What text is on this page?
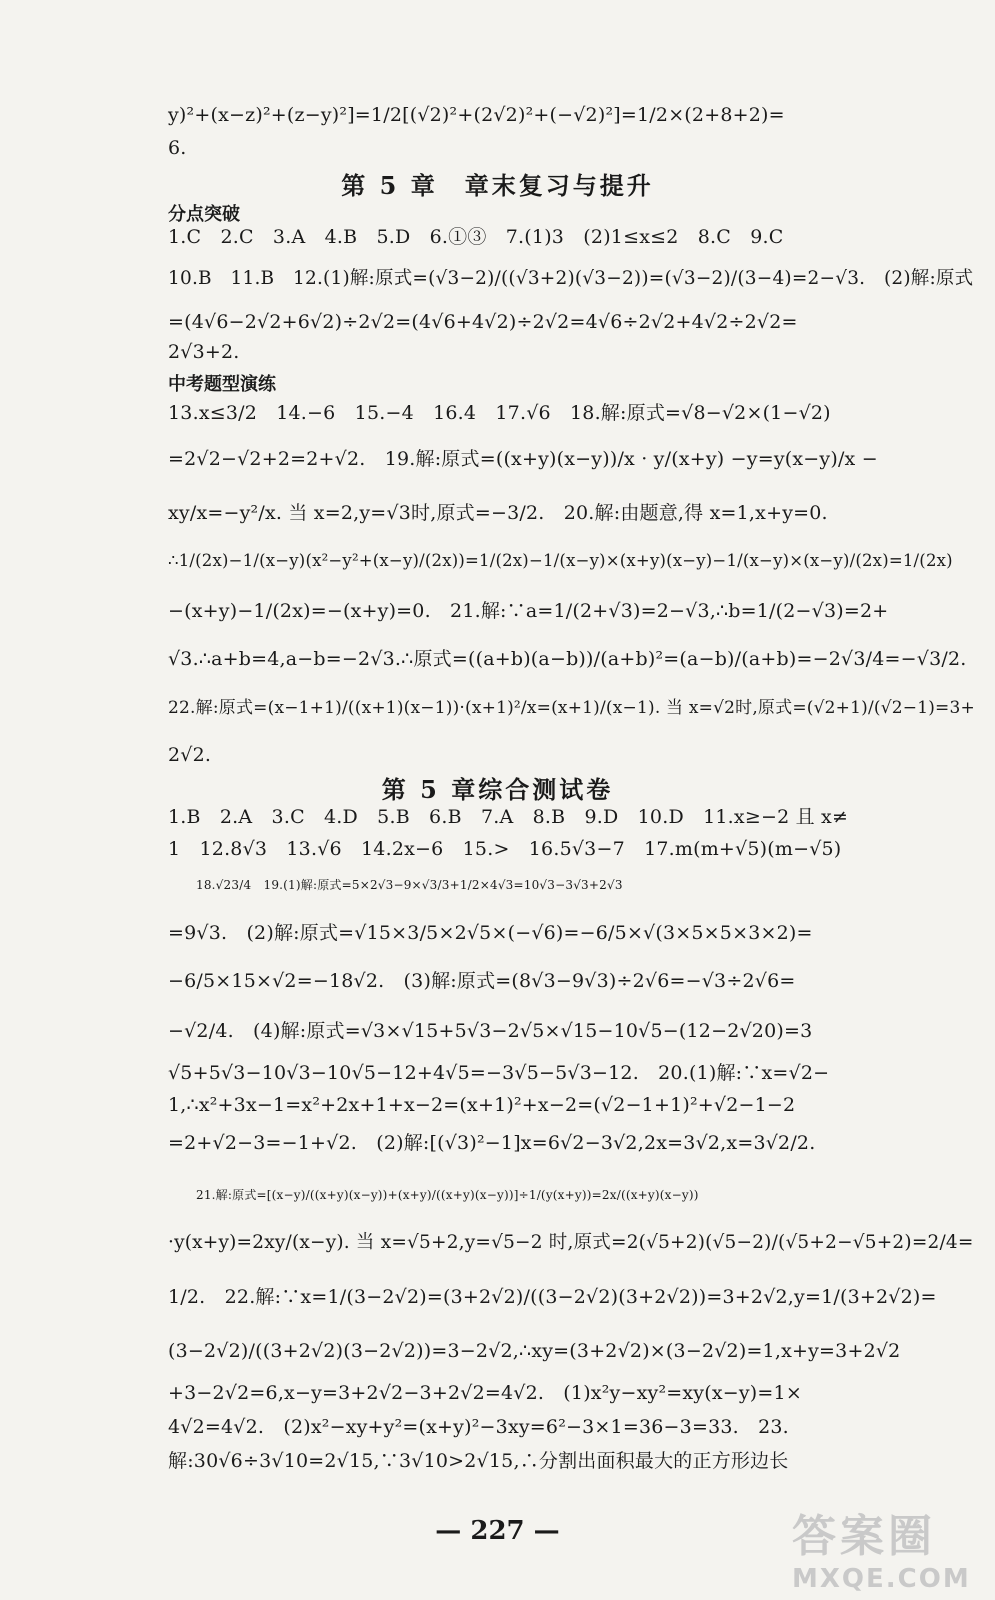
y)²+(x−z)²+(z−y)²]=1/2[(√2)²+(2√2)²+(−√2)²]=1/2×(2+8+2)=
6.
第 5 章　章末复习与提升
分点突破
1.C　2.C　3.A　4.B　5.D　6.①③　7.(1)3　(2)1≤x≤2　8.C　9.C
10.B　11.B　12.(1)解:原式=(√3−2)/((√3+2)(√3−2))=(√3−2)/(3−4)=2−√3.　(2)解:原式
=(4√6−2√2+6√2)÷2√2=(4√6+4√2)÷2√2=4√6÷2√2+4√2÷2√2=
2√3+2.
中考题型演练
13.x≤3/2　14.−6　15.−4　16.4　17.√6　18.解:原式=√8−√2×(1−√2)
=2√2−√2+2=2+√2.　19.解:原式=((x+y)(x−y))/x · y/(x+y) −y=y(x−y)/x −
xy/x=−y²/x. 当 x=2,y=√3时,原式=−3/2.　20.解:由题意,得 x=1,x+y=0.
∴1/(2x)−1/(x−y)(x²−y²+(x−y)/(2x))=1/(2x)−1/(x−y)×(x+y)(x−y)−1/(x−y)×(x−y)/(2x)=1/(2x)
−(x+y)−1/(2x)=−(x+y)=0.　21.解:∵a=1/(2+√3)=2−√3,∴b=1/(2−√3)=2+
√3.∴a+b=4,a−b=−2√3.∴原式=((a+b)(a−b))/(a+b)²=(a−b)/(a+b)=−2√3/4=−√3/2.
22.解:原式=(x−1+1)/((x+1)(x−1))·(x+1)²/x=(x+1)/(x−1). 当 x=√2时,原式=(√2+1)/(√2−1)=3+
2√2.
第 5 章综合测试卷
1.B　2.A　3.C　4.D　5.B　6.B　7.A　8.B　9.D　10.D　11.x≥−2 且 x≠
1　12.8√3　13.√6　14.2x−6　15.>　16.5√3−7　17.m(m+√5)(m−√5)
18.√23/4　19.(1)解:原式=5×2√3−9×√3/3+1/2×4√3=10√3−3√3+2√3
=9√3.　(2)解:原式=√15×3/5×2√5×(−√6)=−6/5×√(3×5×5×3×2)=
−6/5×15×√2=−18√2.　(3)解:原式=(8√3−9√3)÷2√6=−√3÷2√6=
−√2/4.　(4)解:原式=√3×√15+5√3−2√5×√15−10√5−(12−2√20)=3
√5+5√3−10√3−10√5−12+4√5=−3√5−5√3−12.　20.(1)解:∵x=√2−
1,∴x²+3x−1=x²+2x+1+x−2=(x+1)²+x−2=(√2−1+1)²+√2−1−2
=2+√2−3=−1+√2.　(2)解:[(√3)²−1]x=6√2−3√2,2x=3√2,x=3√2/2.
21.解:原式=[(x−y)/((x+y)(x−y))+(x+y)/((x+y)(x−y))]÷1/(y(x+y))=2x/((x+y)(x−y))
·y(x+y)=2xy/(x−y). 当 x=√5+2,y=√5−2 时,原式=2(√5+2)(√5−2)/(√5+2−√5+2)=2/4=
1/2.　22.解:∵x=1/(3−2√2)=(3+2√2)/((3−2√2)(3+2√2))=3+2√2,y=1/(3+2√2)=
(3−2√2)/((3+2√2)(3−2√2))=3−2√2,∴xy=(3+2√2)×(3−2√2)=1,x+y=3+2√2
+3−2√2=6,x−y=3+2√2−3+2√2=4√2.　(1)x²y−xy²=xy(x−y)=1×
4√2=4√2.　(2)x²−xy+y²=(x+y)²−3xy=6²−3×1=36−3=33.　23.
解:30√6÷3√10=2√15,∵3√10>2√15,∴分割出面积最大的正方形边长
— 227 —	答案圈
MXQE.COM
